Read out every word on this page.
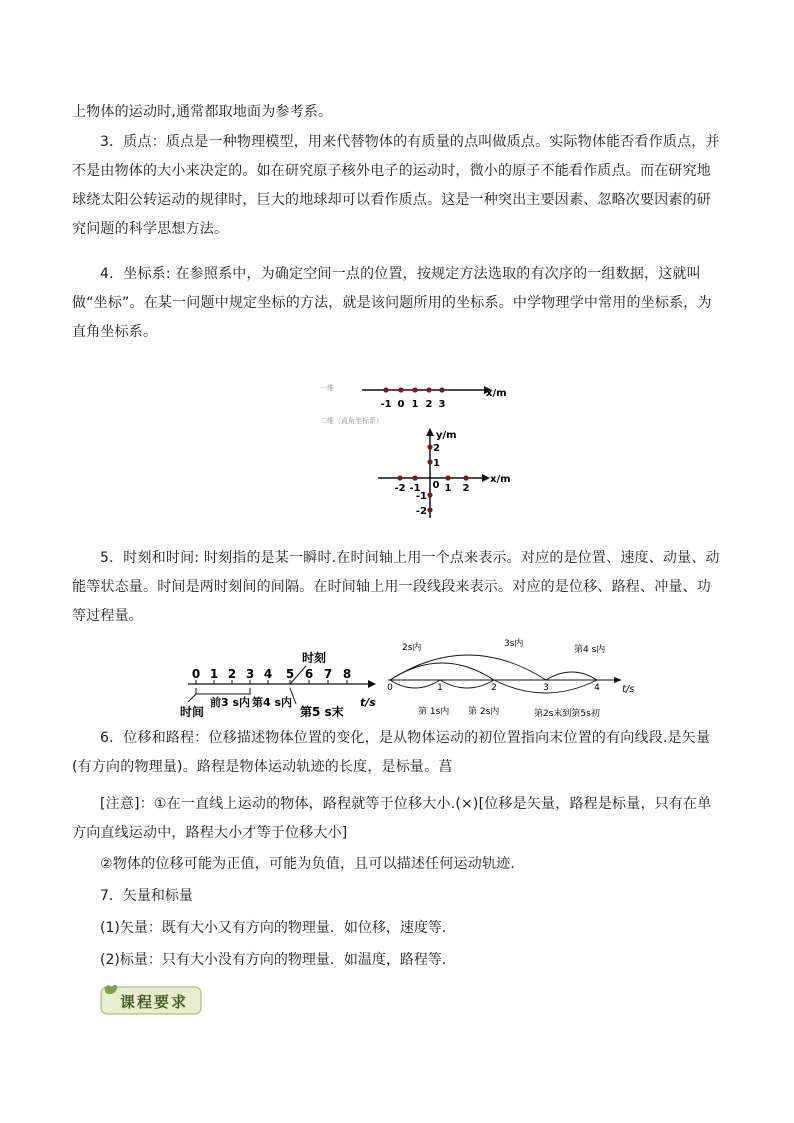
上物体的运动时,通常都取地面为参考系。

3．质点：质点是一种物理模型，用来代替物体的有质量的点叫做质点。实际物体能否看作质点，并不是由物体的大小来决定的。如在研究原子核外电子的运动时，微小的原子不能看作质点。而在研究地球绕太阳公转运动的规律时，巨大的地球却可以看作质点。这是一种突出主要因素、忽略次要因素的研究问题的科学思想方法。

4．坐标系: 在参照系中，为确定空间一点的位置，按规定方法选取的有次序的一组数据，这就叫做“坐标”。在某一问题中规定坐标的方法，就是该问题所用的坐标系。中学物理学中常用的坐标系，为直角坐标系。

一维	x/m
-1 0 1 2 3
二维（直角坐标系）
x/m
y/m
-2 -1 0 1 2
2
1
-1
-2

5．时刻和时间: 时刻指的是某一瞬时.在时间轴上用一个点来表示。对应的是位置、速度、动量、动能等状态量。时间是两时刻间的间隔。在时间轴上用一段线段来表示。对应的是位移、路程、冲量、功等过程量。

0 1 2 3 4 5 6 7 8
时刻
t/s
前3 s内 第4 s内
第5 s末
时间
t/s
0	1	2	3	4
2s内	3s内
第4 s内
第 1s内 第 2s内	第2s末到第5s初

6．位移和路程：位移描述物体位置的变化，是从物体运动的初位置指向末位置的有向线段.是矢量(有方向的物理量)。路程是物体运动轨迹的长度，是标量。菖

[注意]：①在一直线上运动的物体，路程就等于位移大小.(×)[位移是矢量，路程是标量，只有在单方向直线运动中，路程大小才等于位移大小]

②物体的位移可能为正值，可能为负值，且可以描述任何运动轨迹.

7．矢量和标量
(1)矢量：既有大小又有方向的物理量．如位移，速度等．
(2)标量：只有大小没有方向的物理量．如温度，路程等．
课程要求
